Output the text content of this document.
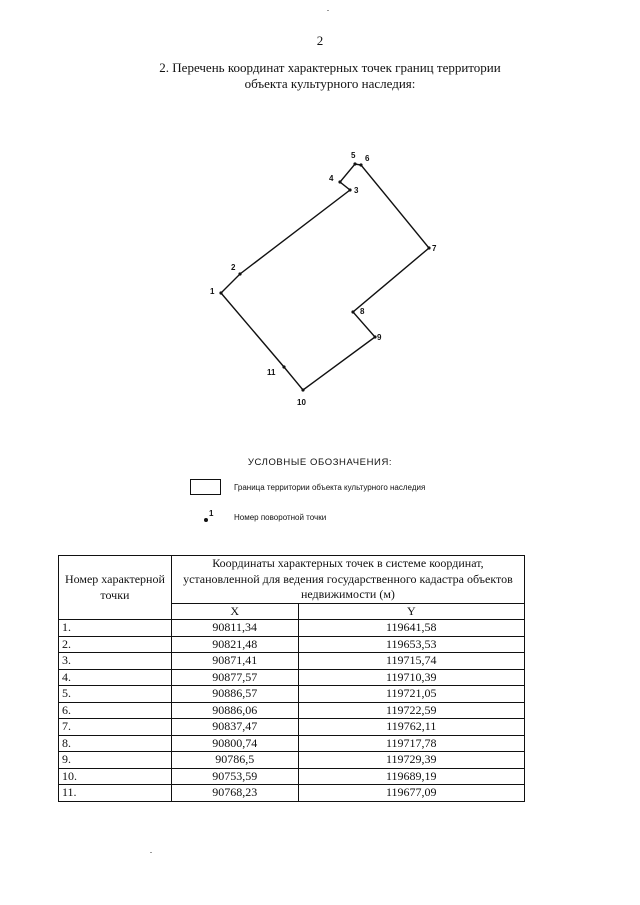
2
2. Перечень координат характерных точек границ территории
объекта культурного наследия:
1
2
3
4
5 6
7
8
9
10
11
УСЛОВНЫЕ ОБОЗНАЧЕНИЯ:
Граница территории объекта культурного наследия
1	Номер поворотной точки
Номер характерной точки	Координаты характерных точек в системе координат, установленной для ведения государственного кадастра объектов недвижимости (м)	
	X	Y
1.	90811,34	119641,58
2.	90821,48	119653,53
3.	90871,41	119715,74
4.	90877,57	119710,39
5.	90886,57	119721,05
6.	90886,06	119722,59
7.	90837,47	119762,11
8.	90800,74	119717,78
9.	90786,5	119729,39
10.	90753,59	119689,19
11.	90768,23	119677,09
